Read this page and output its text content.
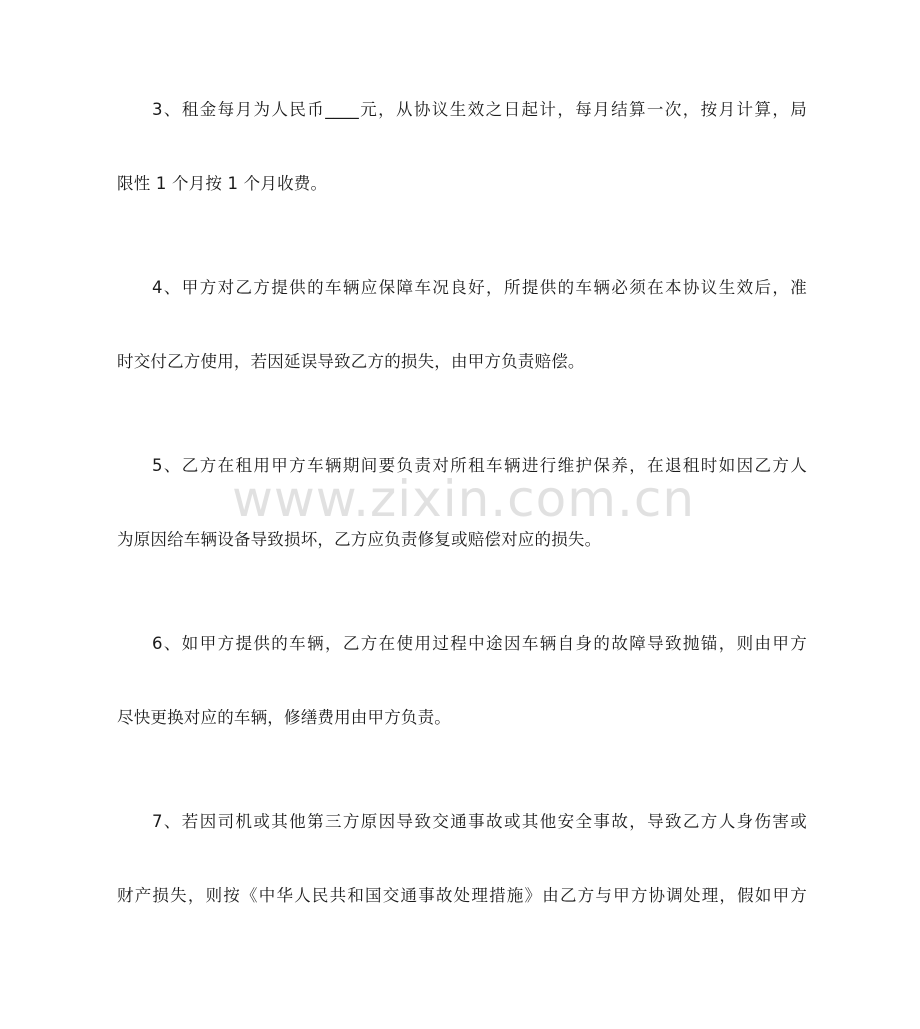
3、租金每月为人民币____元，从协议生效之日起计，每月结算一次，按月计算，局
限性 1 个月按 1 个月收费。
4、甲方对乙方提供的车辆应保障车况良好，所提供的车辆必须在本协议生效后，准
时交付乙方使用，若因延误导致乙方的损失，由甲方负责赔偿。
5、乙方在租用甲方车辆期间要负责对所租车辆进行维护保养，在退租时如因乙方人
为原因给车辆设备导致损坏，乙方应负责修复或赔偿对应的损失。
6、如甲方提供的车辆，乙方在使用过程中途因车辆自身的故障导致抛锚，则由甲方
尽快更换对应的车辆，修缮费用由甲方负责。
7、若因司机或其他第三方原因导致交通事故或其他安全事故，导致乙方人身伤害或
财产损失，则按《中华人民共和国交通事故处理措施》由乙方与甲方协调处理，假如甲方
www.zixin.com.cn
